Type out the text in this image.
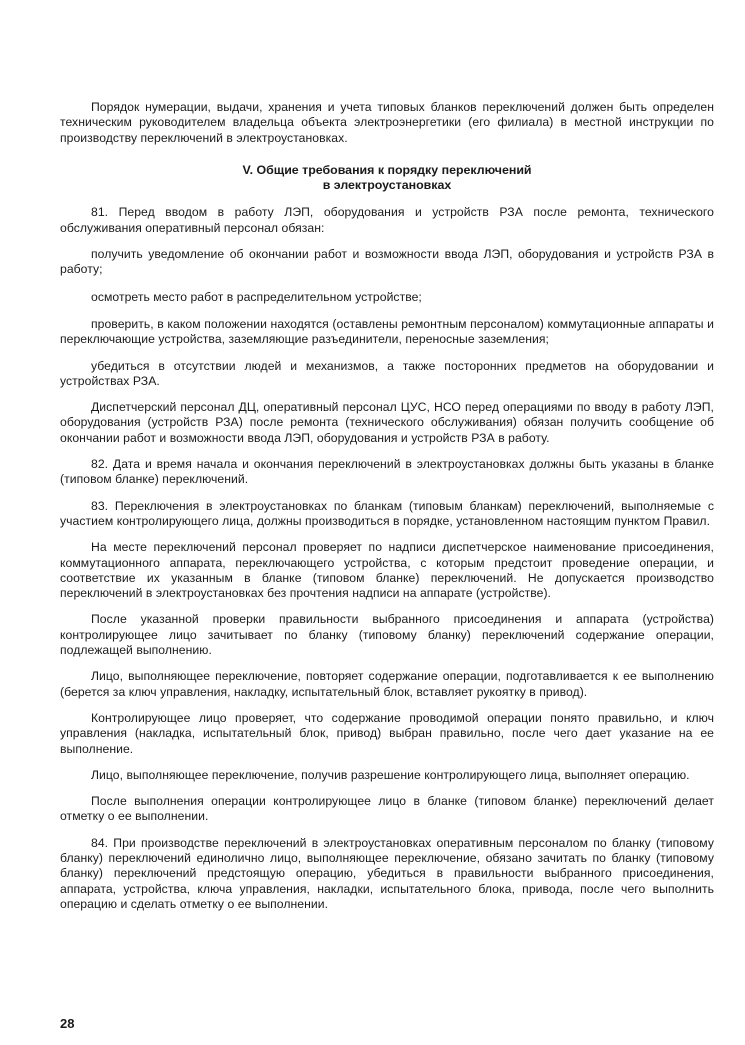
Порядок нумерации, выдачи, хранения и учета типовых бланков переключений должен быть определен техническим руководителем владельца объекта электроэнергетики (его филиала) в местной инструкции по производству переключений в электроустановках.

V. Общие требования к порядку переключений
в электроустановках

81. Перед вводом в работу ЛЭП, оборудования и устройств РЗА после ремонта, технического обслуживания оперативный персонал обязан:

получить уведомление об окончании работ и возможности ввода ЛЭП, оборудования и устройств РЗА в работу;

осмотреть место работ в распределительном устройстве;

проверить, в каком положении находятся (оставлены ремонтным персоналом) коммутационные аппараты и переключающие устройства, заземляющие разъединители, переносные заземления;

убедиться в отсутствии людей и механизмов, а также посторонних предметов на оборудовании и устройствах РЗА.

Диспетчерский персонал ДЦ, оперативный персонал ЦУС, НСО перед операциями по вводу в работу ЛЭП, оборудования (устройств РЗА) после ремонта (технического обслуживания) обязан получить сообщение об окончании работ и возможности ввода ЛЭП, оборудования и устройств РЗА в работу.

82. Дата и время начала и окончания переключений в электроустановках должны быть указаны в бланке (типовом бланке) переключений.

83. Переключения в электроустановках по бланкам (типовым бланкам) переключений, выполняемые с участием контролирующего лица, должны производиться в порядке, установленном настоящим пунктом Правил.

На месте переключений персонал проверяет по надписи диспетчерское наименование присоединения, коммутационного аппарата, переключающего устройства, с которым предстоит проведение операции, и соответствие их указанным в бланке (типовом бланке) переключений. Не допускается производство переключений в электроустановках без прочтения надписи на аппарате (устройстве).

После указанной проверки правильности выбранного присоединения и аппарата (устройства) контролирующее лицо зачитывает по бланку (типовому бланку) переключений содержание операции, подлежащей выполнению.

Лицо, выполняющее переключение, повторяет содержание операции, подготавливается к ее выполнению (берется за ключ управления, накладку, испытательный блок, вставляет рукоятку в привод).

Контролирующее лицо проверяет, что содержание проводимой операции понято правильно, и ключ управления (накладка, испытательный блок, привод) выбран правильно, после чего дает указание на ее выполнение.

Лицо, выполняющее переключение, получив разрешение контролирующего лица, выполняет операцию.

После выполнения операции контролирующее лицо в бланке (типовом бланке) переключений делает отметку о ее выполнении.

84. При производстве переключений в электроустановках оперативным персоналом по бланку (типовому бланку) переключений единолично лицо, выполняющее переключение, обязано зачитать по бланку (типовому бланку) переключений предстоящую операцию, убедиться в правильности выбранного присоединения, аппарата, устройства, ключа управления, накладки, испытательного блока, привода, после чего выполнить операцию и сделать отметку о ее выполнении.

28
